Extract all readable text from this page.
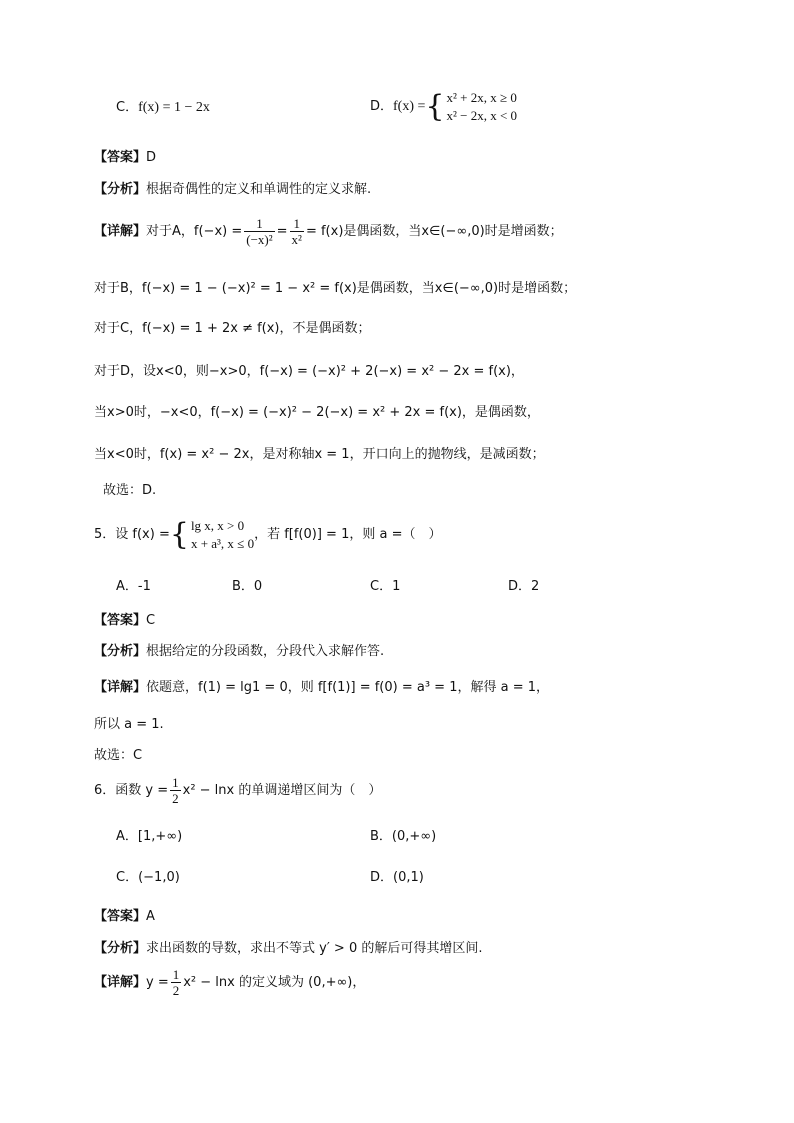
C．f(x) = 1 − 2x	D． f(x) = { x² + 2x, x ≥ 0
x² − 2x, x < 0
【答案】D
【分析】根据奇偶性的定义和单调性的定义求解.
【详解】 对于A，$f(-x) = \frac{1}{\text{(−x)²}} = \frac{1}{\text{x²}} = f(x)$是偶函数，当x∈(−∞,0)时是增函数；
对于B，f(−x) = 1 − (−x)² = 1 − x² = f(x)是偶函数，当x∈(−∞,0)时是增函数；
对于C，f(−x) = 1 + 2x ≠ f(x)，不是偶函数；
对于D，设x<0，则−x>0，f(−x) = (−x)² + 2(−x) = x² − 2x = f(x)，
当x>0时，−x<0，f(−x) = (−x)² − 2(−x) = x² + 2x = f(x)，是偶函数，
当x<0时，f(x) = x² − 2x，是对称轴x = 1，开口向上的抛物线，是减函数；
故选：D.
5．设 f(x) = { lg x, x > 0
x + a³, x ≤ 0
，若 f[f(0)] = 1，则 a =（　）
A．-1	B．0	C．1	D．2
【答案】C
【分析】根据给定的分段函数，分段代入求解作答.
【详解】依题意，f(1) = lg1 = 0，则 f[f(1)] = f(0) = a³ = 1，解得 a = 1，
所以 a = 1.
故选：C
6．函数 $y = \frac{1}{2} x^2 - \ln x$ 的单调递增区间为（　）
A．[1,+∞)	B．(0,+∞)
C．(−1,0)	D．(0,1)
【答案】A
【分析】求出函数的导数，求出不等式 y′ > 0 的解后可得其增区间.
【详解】 $y = \frac{1}{2} x^2 - \ln x$ 的定义域为 (0,+∞)，
